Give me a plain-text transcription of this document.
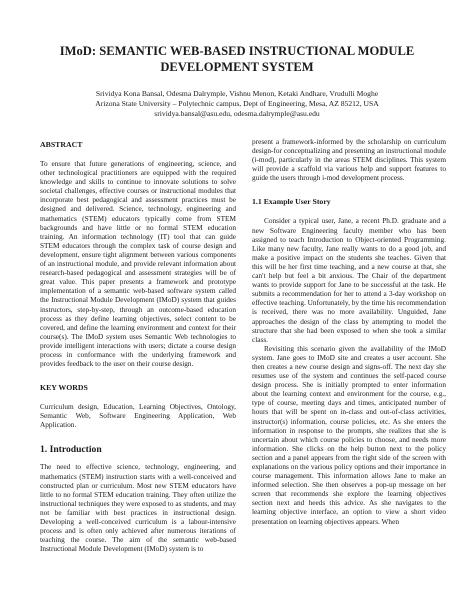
IMoD: SEMANTIC WEB-BASED INSTRUCTIONAL MODULE
DEVELOPMENT SYSTEM
Srividya Kona Bansal, Odesma Dalrymple, Vishnu Menon, Ketaki Andhare, Vrudulli Moghe
Arizona State University – Polytechnic campus, Dept of Engineering, Mesa, AZ 85212, USA
srividya.bansal@asu.edu, odesma.dalrymple@asu.edu
ABSTRACT

To ensure that future generations of engineering, science, and other technological practitioners are equipped with the required knowledge and skills to continue to innovate solutions to solve societal challenges, effective courses or instructional modules that incorporate best pedagogical and assessment practices must be designed and delivered. Science, technology, engineering and mathematics (STEM) educators typically come from STEM backgrounds and have little or no formal STEM education training. An information technology (IT) tool that can guide STEM educators through the complex task of course design and development, ensure tight alignment between various components of an instructional module, and provide relevant information about research-based pedagogical and assessment strategies will be of great value. This paper presents a framework and prototype implementation of a semantic web-based software system called the Instructional Module Development (IMoD) system that guides instructors, step-by-step, through an outcome-based education process as they define learning objectives, select content to be covered, and define the learning environment and context for their course(s). The IMoD system uses Semantic Web technologies to provide intelligent interactions with users; dictate a course design process in conformance with the underlying framework and provides feedback to the user on their course design.

KEY WORDS

Curriculum design, Education, Learning Objectives, Ontology, Semantic Web, Software Engineering Application, Web Application.

1. Introduction

The need to effective science, technology, engineering, and mathematics (STEM) instruction starts with a well-conceived and constructed plan or curriculum. Most new STEM educators have little to no formal STEM education training. They often utilize the instructional techniques they were exposed to as students, and may not be familiar with best practices in instructional design. Developing a well-conceived curriculum is a labour-intensive process and is often only achieved after numerous iterations of teaching the course. The aim of the semantic web-based Instructional Module Development (IMoD) system is to

present a framework-informed by the scholarship on curriculum design-for conceptualizing and presenting an instructional module (i-mod), particularly in the areas STEM disciplines. This system will provide a scaffold via various help and support features to guide the users through i-mod development process.

1.1 Example User Story

Consider a typical user, Jane, a recent Ph.D. graduate and a new Software Engineering faculty member who has been assigned to teach Introduction to Object-oriented Programming. Like many new faculty, Jane really wants to do a good job, and make a positive impact on the students she teaches. Given that this will be her first time teaching, and a new course at that, she can't help but feel a bit anxious. The Chair of the department wants to provide support for Jane to be successful at the task. He submits a recommendation for her to attend a 3-day workshop on effective teaching. Unfortunately, by the time his recommendation is received, there was no more availability. Unguided, Jane approaches the design of the class by attempting to model the structure that she had been exposed to when she took a similar class.

Revisiting this scenario given the availability of the IMoD system. Jane goes to IMoD site and creates a user account. She then creates a new course design and signs-off. The next day she resumes use of the system and continues the self-paced course design process. She is initially prompted to enter information about the learning context and environment for the course, e.g., type of course, meeting days and times, anticipated number of hours that will be spent on in-class and out-of-class activities, instructor(s) information, course policies, etc. As she enters the information in response to the prompts, she realizes that she is uncertain about which course policies to choose, and needs more information. She clicks on the help button next to the policy section and a panel appears from the right side of the screen with explanations on the various policy options and their importance in course management. This information allows Jane to make an informed selection. She then observes a pop-up message on her screen that recommends she explore the learning objectives section next and heeds this advice. As she navigates to the learning objective interface, an option to view a short video presentation on learning objectives appears. When
